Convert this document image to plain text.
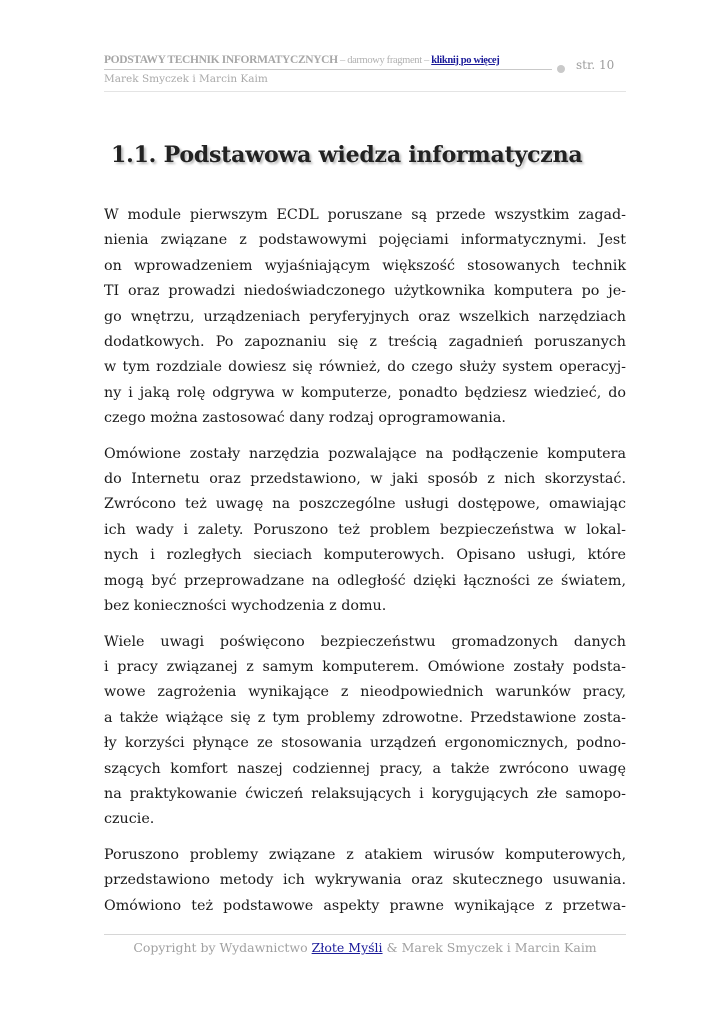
PODSTAWY TECHNIK INFORMATYCZNYCH – darmowy fragment – kliknij po więcej	str. 10
Marek Smyczek i Marcin Kaim
1.1. Podstawowa wiedza informatyczna

W module pierwszym ECDL poruszane są przede wszystkim zagad-
nienia związane z podstawowymi pojęciami informatycznymi. Jest
on wprowadzeniem wyjaśniającym większość stosowanych technik
TI oraz prowadzi niedoświadczonego użytkownika komputera po je-
go wnętrzu, urządzeniach peryferyjnych oraz wszelkich narzędziach
dodatkowych. Po zapoznaniu się z treścią zagadnień poruszanych
w tym rozdziale dowiesz się również, do czego służy system operacyj-
ny i jaką rolę odgrywa w komputerze, ponadto będziesz wiedzieć, do
czego można zastosować dany rodzaj oprogramowania.

Omówione zostały narzędzia pozwalające na podłączenie komputera
do Internetu oraz przedstawiono, w jaki sposób z nich skorzystać.
Zwrócono też uwagę na poszczególne usługi dostępowe, omawiając
ich wady i zalety. Poruszono też problem bezpieczeństwa w lokal-
nych i rozległych sieciach komputerowych. Opisano usługi, które
mogą być przeprowadzane na odległość dzięki łączności ze światem,
bez konieczności wychodzenia z domu.

Wiele uwagi poświęcono bezpieczeństwu gromadzonych danych
i pracy związanej z samym komputerem. Omówione zostały podsta-
wowe zagrożenia wynikające z nieodpowiednich warunków pracy,
a także wiążące się z tym problemy zdrowotne. Przedstawione zosta-
ły korzyści płynące ze stosowania urządzeń ergonomicznych, podno-
szących komfort naszej codziennej pracy, a także zwrócono uwagę
na praktykowanie ćwiczeń relaksujących i korygujących złe samopo-
czucie.

Poruszono problemy związane z atakiem wirusów komputerowych,
przedstawiono metody ich wykrywania oraz skutecznego usuwania.
Omówiono też podstawowe aspekty prawne wynikające z przetwa-

Copyright by Wydawnictwo Złote Myśli & Marek Smyczek i Marcin Kaim
